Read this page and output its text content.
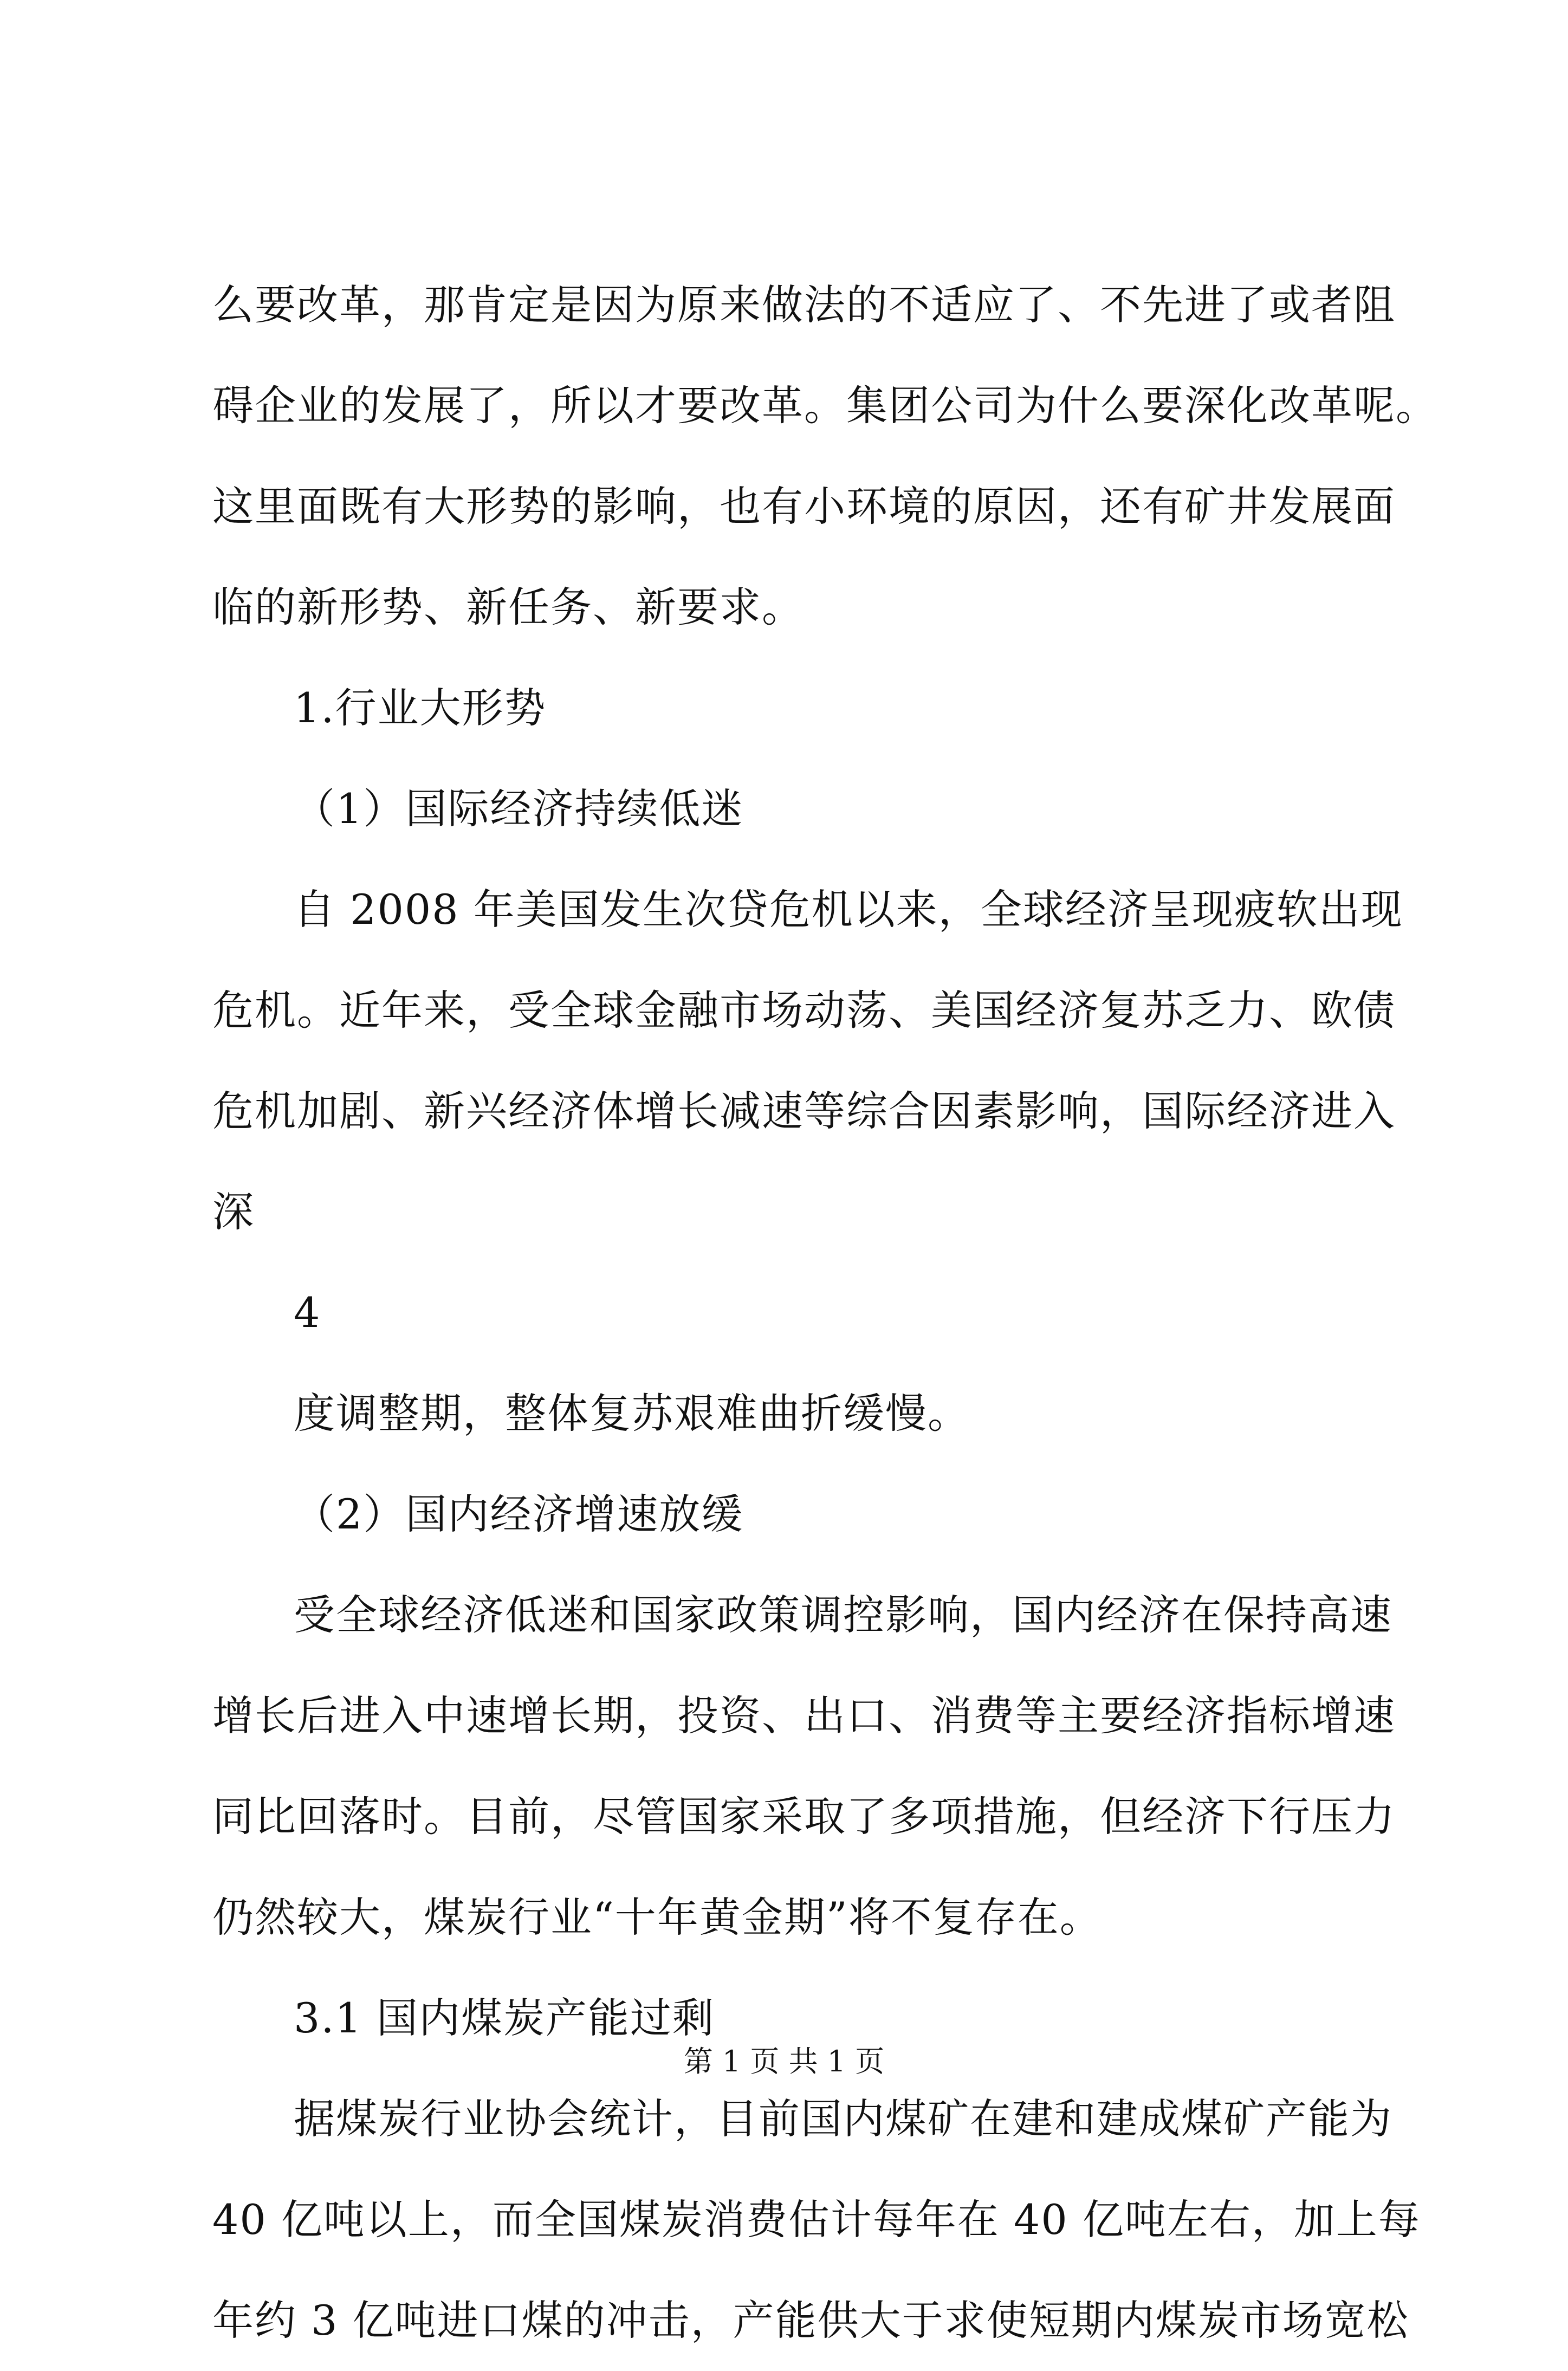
么要改革，那肯定是因为原来做法的不适应了、不先进了或者阻
碍企业的发展了，所以才要改革。集团公司为什么要深化改革呢。
这里面既有大形势的影响，也有小环境的原因，还有矿井发展面
临的新形势、新任务、新要求。
1.行业大形势
（1）国际经济持续低迷
自 2008 年美国发生次贷危机以来，全球经济呈现疲软出现
危机。近年来，受全球金融市场动荡、美国经济复苏乏力、欧债
危机加剧、新兴经济体增长减速等综合因素影响，国际经济进入
深
4
度调整期，整体复苏艰难曲折缓慢。
（2）国内经济增速放缓
受全球经济低迷和国家政策调控影响，国内经济在保持高速
增长后进入中速增长期，投资、出口、消费等主要经济指标增速
同比回落时。目前，尽管国家采取了多项措施，但经济下行压力
仍然较大，煤炭行业“十年黄金期”将不复存在。
3.1 国内煤炭产能过剩
据煤炭行业协会统计，目前国内煤矿在建和建成煤矿产能为
40 亿吨以上，而全国煤炭消费估计每年在 40 亿吨左右，加上每
年约 3 亿吨进口煤的冲击，产能供大于求使短期内煤炭市场宽松
第 1 页 共 1 页
